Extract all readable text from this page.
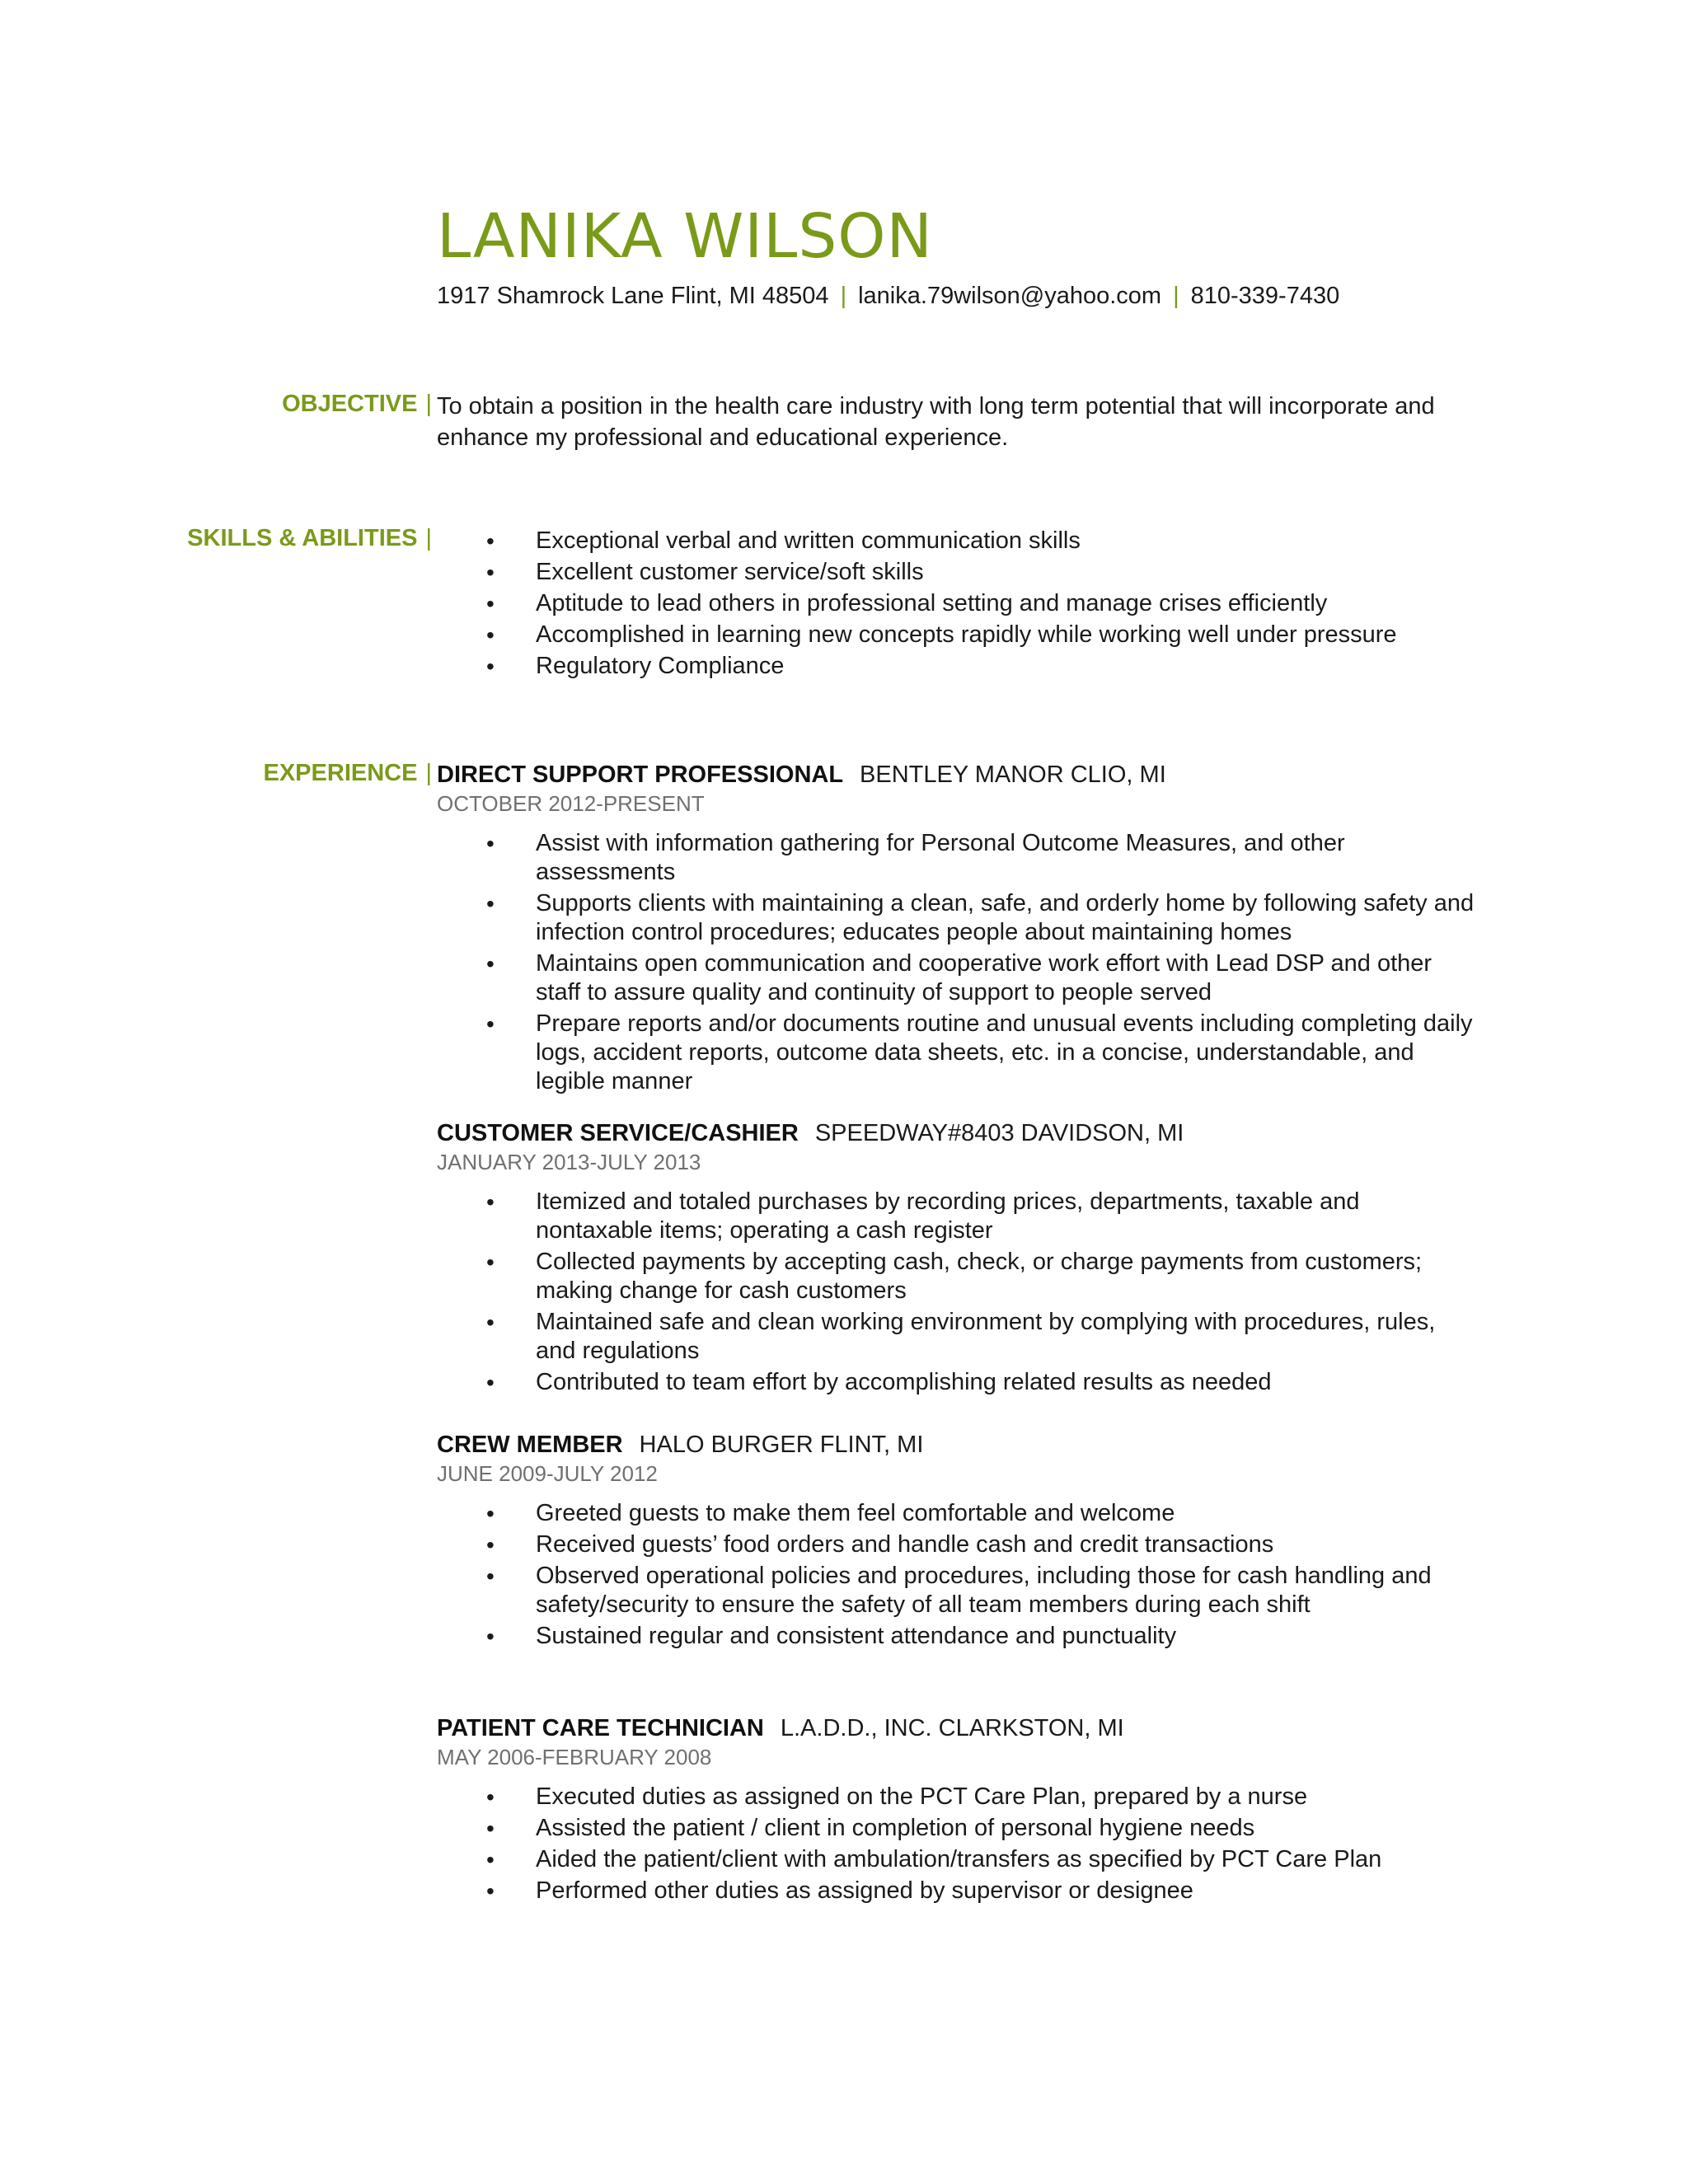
LANIKA WILSON
1917 Shamrock Lane Flint, MI 48504 | lanika.79wilson@yahoo.com | 810-339-7430
OBJECTIVE | To obtain a position in the health care industry with long term potential that will incorporate and enhance my professional and educational experience.
SKILLS & ABILITIES |
•	Exceptional verbal and written communication skills
• Excellent customer service/soft skills
• Aptitude to lead others in professional setting and manage crises efficiently
• Accomplished in learning new concepts rapidly while working well under pressure
• Regulatory Compliance
EXPERIENCE | DIRECT SUPPORT PROFESSIONAL BENTLEY MANOR CLIO, MI
OCTOBER 2012-PRESENT
• Assist with information gathering for Personal Outcome Measures, and other assessments
• Supports clients with maintaining a clean, safe, and orderly home by following safety and infection control procedures; educates people about maintaining homes
• Maintains open communication and cooperative work effort with Lead DSP and other staff to assure quality and continuity of support to people served
• Prepare reports and/or documents routine and unusual events including completing daily logs, accident reports, outcome data sheets, etc. in a concise, understandable, and legible manner
CUSTOMER SERVICE/CASHIER SPEEDWAY#8403 DAVIDSON, MI
JANUARY 2013-JULY 2013
• Itemized and totaled purchases by recording prices, departments, taxable and nontaxable items; operating a cash register
• Collected payments by accepting cash, check, or charge payments from customers; making change for cash customers
• Maintained safe and clean working environment by complying with procedures, rules, and regulations
• Contributed to team effort by accomplishing related results as needed
CREW MEMBER HALO BURGER FLINT, MI
JUNE 2009-JULY 2012
• Greeted guests to make them feel comfortable and welcome
• Received guests’ food orders and handle cash and credit transactions
• Observed operational policies and procedures, including those for cash handling and safety/security to ensure the safety of all team members during each shift
• Sustained regular and consistent attendance and punctuality
PATIENT CARE TECHNICIAN L.A.D.D., INC. CLARKSTON, MI
MAY 2006-FEBRUARY 2008
• Executed duties as assigned on the PCT Care Plan, prepared by a nurse
• Assisted the patient / client in completion of personal hygiene needs
• Aided the patient/client with ambulation/transfers as specified by PCT Care Plan
• Performed other duties as assigned by supervisor or designee
